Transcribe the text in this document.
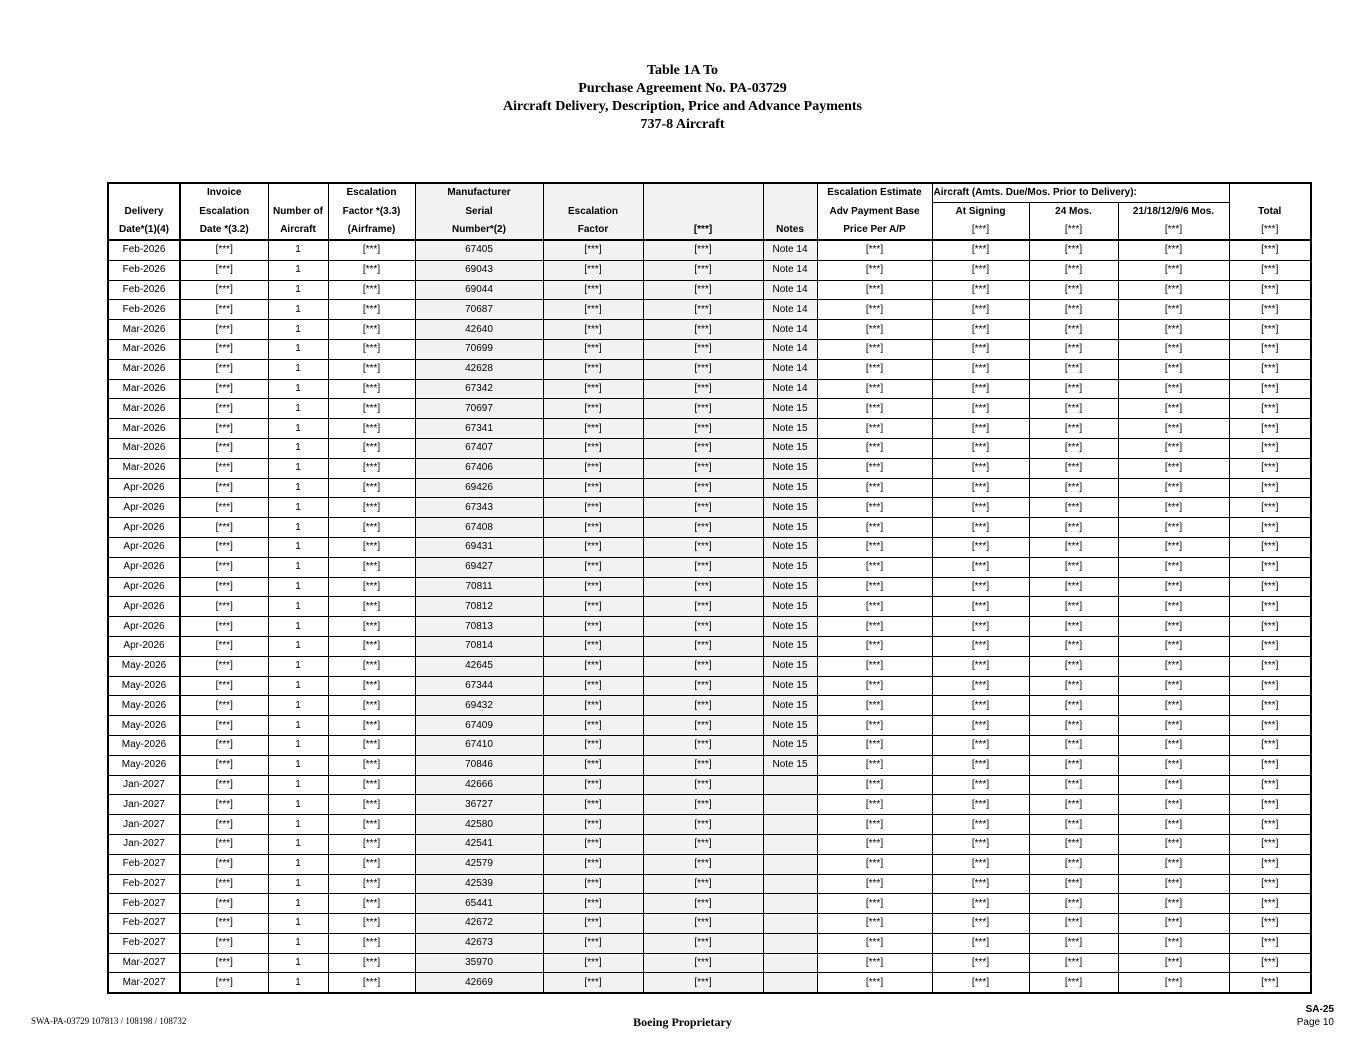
Table 1A To
Purchase Agreement No. PA-03729
Aircraft Delivery, Description, Price and Advance Payments
737-8 Aircraft
	Invoice		Escalation	Manufacturer				Escalation Estimate	Aircraft (Amts. Due/Mos. Prior to Delivery):			
Delivery	Escalation	Number of	Factor *(3.3)	Serial	Escalation			Adv Payment Base	At Signing	24 Mos.	21/18/12/9/6 Mos.	Total
Date*(1)(4)	Date *(3.2)	Aircraft	(Airframe)	Number*(2)	Factor	[***]	Notes	Price Per A/P	[***]	[***]	[***]	[***]
Feb-2026	[***]	1	[***]	67405	[***]	[***]	Note 14	[***]	[***]	[***]	[***]	[***]
Feb-2026	[***]	1	[***]	69043	[***]	[***]	Note 14	[***]	[***]	[***]	[***]	[***]
Feb-2026	[***]	1	[***]	69044	[***]	[***]	Note 14	[***]	[***]	[***]	[***]	[***]
Feb-2026	[***]	1	[***]	70687	[***]	[***]	Note 14	[***]	[***]	[***]	[***]	[***]
Mar-2026	[***]	1	[***]	42640	[***]	[***]	Note 14	[***]	[***]	[***]	[***]	[***]
Mar-2026	[***]	1	[***]	70699	[***]	[***]	Note 14	[***]	[***]	[***]	[***]	[***]
Mar-2026	[***]	1	[***]	42628	[***]	[***]	Note 14	[***]	[***]	[***]	[***]	[***]
Mar-2026	[***]	1	[***]	67342	[***]	[***]	Note 14	[***]	[***]	[***]	[***]	[***]
Mar-2026	[***]	1	[***]	70697	[***]	[***]	Note 15	[***]	[***]	[***]	[***]	[***]
Mar-2026	[***]	1	[***]	67341	[***]	[***]	Note 15	[***]	[***]	[***]	[***]	[***]
Mar-2026	[***]	1	[***]	67407	[***]	[***]	Note 15	[***]	[***]	[***]	[***]	[***]
Mar-2026	[***]	1	[***]	67406	[***]	[***]	Note 15	[***]	[***]	[***]	[***]	[***]
Apr-2026	[***]	1	[***]	69426	[***]	[***]	Note 15	[***]	[***]	[***]	[***]	[***]
Apr-2026	[***]	1	[***]	67343	[***]	[***]	Note 15	[***]	[***]	[***]	[***]	[***]
Apr-2026	[***]	1	[***]	67408	[***]	[***]	Note 15	[***]	[***]	[***]	[***]	[***]
Apr-2026	[***]	1	[***]	69431	[***]	[***]	Note 15	[***]	[***]	[***]	[***]	[***]
Apr-2026	[***]	1	[***]	69427	[***]	[***]	Note 15	[***]	[***]	[***]	[***]	[***]
Apr-2026	[***]	1	[***]	70811	[***]	[***]	Note 15	[***]	[***]	[***]	[***]	[***]
Apr-2026	[***]	1	[***]	70812	[***]	[***]	Note 15	[***]	[***]	[***]	[***]	[***]
Apr-2026	[***]	1	[***]	70813	[***]	[***]	Note 15	[***]	[***]	[***]	[***]	[***]
Apr-2026	[***]	1	[***]	70814	[***]	[***]	Note 15	[***]	[***]	[***]	[***]	[***]
May-2026	[***]	1	[***]	42645	[***]	[***]	Note 15	[***]	[***]	[***]	[***]	[***]
May-2026	[***]	1	[***]	67344	[***]	[***]	Note 15	[***]	[***]	[***]	[***]	[***]
May-2026	[***]	1	[***]	69432	[***]	[***]	Note 15	[***]	[***]	[***]	[***]	[***]
May-2026	[***]	1	[***]	67409	[***]	[***]	Note 15	[***]	[***]	[***]	[***]	[***]
May-2026	[***]	1	[***]	67410	[***]	[***]	Note 15	[***]	[***]	[***]	[***]	[***]
May-2026	[***]	1	[***]	70846	[***]	[***]	Note 15	[***]	[***]	[***]	[***]	[***]
Jan-2027	[***]	1	[***]	42666	[***]	[***]		[***]	[***]	[***]	[***]	[***]
Jan-2027	[***]	1	[***]	36727	[***]	[***]		[***]	[***]	[***]	[***]	[***]
Jan-2027	[***]	1	[***]	42580	[***]	[***]		[***]	[***]	[***]	[***]	[***]
Jan-2027	[***]	1	[***]	42541	[***]	[***]		[***]	[***]	[***]	[***]	[***]
Feb-2027	[***]	1	[***]	42579	[***]	[***]		[***]	[***]	[***]	[***]	[***]
Feb-2027	[***]	1	[***]	42539	[***]	[***]		[***]	[***]	[***]	[***]	[***]
Feb-2027	[***]	1	[***]	65441	[***]	[***]		[***]	[***]	[***]	[***]	[***]
Feb-2027	[***]	1	[***]	42672	[***]	[***]		[***]	[***]	[***]	[***]	[***]
Feb-2027	[***]	1	[***]	42673	[***]	[***]		[***]	[***]	[***]	[***]	[***]
Mar-2027	[***]	1	[***]	35970	[***]	[***]		[***]	[***]	[***]	[***]	[***]
Mar-2027	[***]	1	[***]	42669	[***]	[***]		[***]	[***]	[***]	[***]	[***]
SWA-PA-03729 107813 / 108198 / 108732	Boeing Proprietary
SA-25
Page 10
